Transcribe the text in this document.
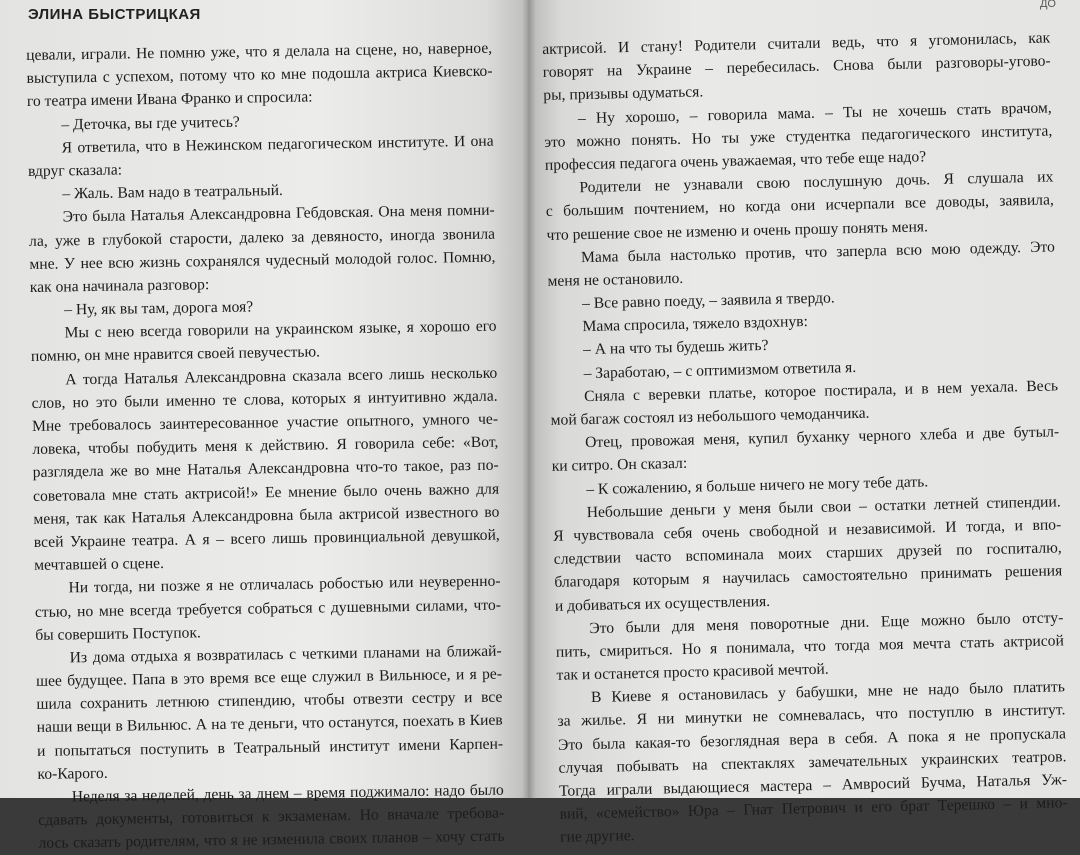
ЭЛИНА БЫСТРИЦКАЯ
цевали, играли. Не помню уже, что я делала на сцене, но, наверное,
выступила с успехом, потому что ко мне подошла актриса Киевско-
го театра имени Ивана Франко и спросила:
– Деточка, вы где учитесь?
Я ответила, что в Нежинском педагогическом институте. И она
вдруг сказала:
– Жаль. Вам надо в театральный.
Это была Наталья Александровна Гебдовская. Она меня помни-
ла, уже в глубокой старости, далеко за девяносто, иногда звонила
мне. У нее всю жизнь сохранялся чудесный молодой голос. Помню,
как она начинала разговор:
– Ну, як вы там, дорога моя?
Мы с нею всегда говорили на украинском языке, я хорошо его
помню, он мне нравится своей певучестью.
А тогда Наталья Александровна сказала всего лишь несколько
слов, но это были именно те слова, которых я интуитивно ждала.
Мне требовалось заинтересованное участие опытного, умного че-
ловека, чтобы побудить меня к действию. Я говорила себе: «Вот,
разглядела же во мне Наталья Александровна что-то такое, раз по-
советовала мне стать актрисой!» Ее мнение было очень важно для
меня, так как Наталья Александровна была актрисой известного во
всей Украине театра. А я – всего лишь провинциальной девушкой,
мечтавшей о сцене.
Ни тогда, ни позже я не отличалась робостью или неуверенно-
стью, но мне всегда требуется собраться с душевными силами, что-
бы совершить Поступок.
Из дома отдыха я возвратилась с четкими планами на ближай-
шее будущее. Папа в это время все еще служил в Вильнюсе, и я ре-
шила сохранить летнюю стипендию, чтобы отвезти сестру и все
наши вещи в Вильнюс. А на те деньги, что останутся, поехать в Киев
и попытаться поступить в Театральный институт имени Карпен-
ко-Карого.
Неделя за неделей, день за днем – время поджимало: надо было
сдавать документы, готовиться к экзаменам. Но вначале требова-
лось сказать родителям, что я не изменила своих планов – хочу стать
ДО
актрисой. И стану! Родители считали ведь, что я угомонилась, как
говорят на Украине – перебесилась. Снова были разговоры-угово-
ры, призывы одуматься.
– Ну хорошо, – говорила мама. – Ты не хочешь стать врачом,
это можно понять. Но ты уже студентка педагогического института,
профессия педагога очень уважаемая, что тебе еще надо?
Родители не узнавали свою послушную дочь. Я слушала их
с большим почтением, но когда они исчерпали все доводы, заявила,
что решение свое не изменю и очень прошу понять меня.
Мама была настолько против, что заперла всю мою одежду. Это
меня не остановило.
– Все равно поеду, – заявила я твердо.
Мама спросила, тяжело вздохнув:
– А на что ты будешь жить?
– Заработаю, – с оптимизмом ответила я.
Сняла с веревки платье, которое постирала, и в нем уехала. Весь
мой багаж состоял из небольшого чемоданчика.
Отец, провожая меня, купил буханку черного хлеба и две бутыл-
ки ситро. Он сказал:
– К сожалению, я больше ничего не могу тебе дать.
Небольшие деньги у меня были свои – остатки летней стипендии.
Я чувствовала себя очень свободной и независимой. И тогда, и впо-
следствии часто вспоминала моих старших друзей по госпиталю,
благодаря которым я научилась самостоятельно принимать решения
и добиваться их осуществления.
Это были для меня поворотные дни. Еще можно было отсту-
пить, смириться. Но я понимала, что тогда моя мечта стать актрисой
так и останется просто красивой мечтой.
В Киеве я остановилась у бабушки, мне не надо было платить
за жилье. Я ни минутки не сомневалась, что поступлю в институт.
Это была какая-то безоглядная вера в себя. А пока я не пропускала
случая побывать на спектаклях замечательных украинских театров.
Тогда играли выдающиеся мастера – Амвросий Бучма, Наталья Уж-
вий, «семейство» Юра – Гнат Петрович и его брат Терешко – и мно-
гие другие.
